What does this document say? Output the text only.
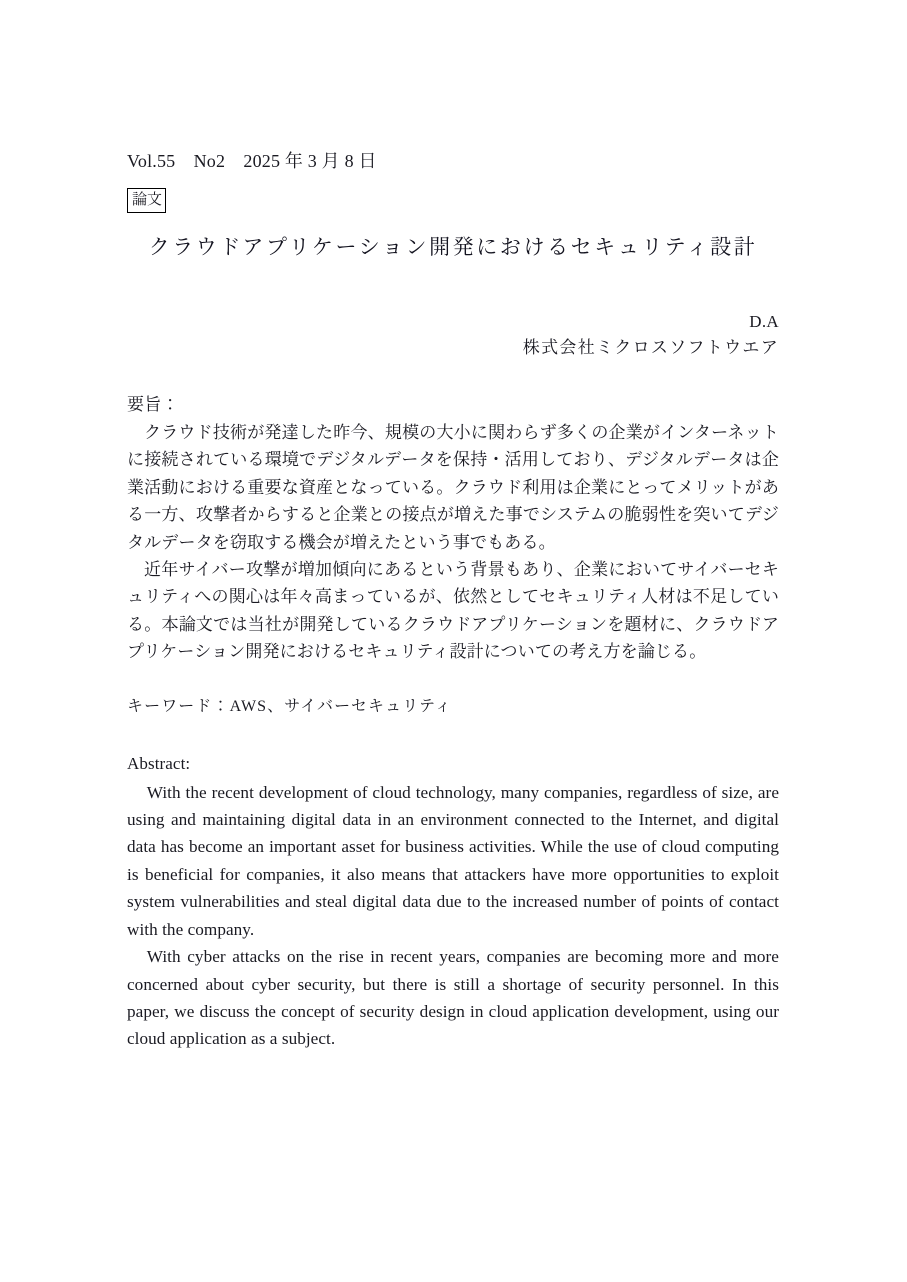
Vol.55　No2　2025 年 3 月 8 日
論文
クラウドアプリケーション開発におけるセキュリティ設計
D.A
株式会社ミクロスソフトウエア
要旨：

クラウド技術が発達した昨今、規模の大小に関わらず多くの企業がインターネットに接続されている環境でデジタルデータを保持・活用しており、デジタルデータは企業活動における重要な資産となっている。クラウド利用は企業にとってメリットがある一方、攻撃者からすると企業との接点が増えた事でシステムの脆弱性を突いてデジタルデータを窃取する機会が増えたという事でもある。

近年サイバー攻撃が増加傾向にあるという背景もあり、企業においてサイバーセキュリティへの関心は年々高まっているが、依然としてセキュリティ人材は不足している。本論文では当社が開発しているクラウドアプリケーションを題材に、クラウドアプリケーション開発におけるセキュリティ設計についての考え方を論じる。

キーワード：AWS、サイバーセキュリティ
Abstract:

With the recent development of cloud technology, many companies, regardless of size, are using and maintaining digital data in an environment connected to the Internet, and digital data has become an important asset for business activities. While the use of cloud computing is beneficial for companies, it also means that attackers have more opportunities to exploit system vulnerabilities and steal digital data due to the increased number of points of contact with the company.

With cyber attacks on the rise in recent years, companies are becoming more and more concerned about cyber security, but there is still a shortage of security personnel. In this paper, we discuss the concept of security design in cloud application development, using our cloud application as a subject.
